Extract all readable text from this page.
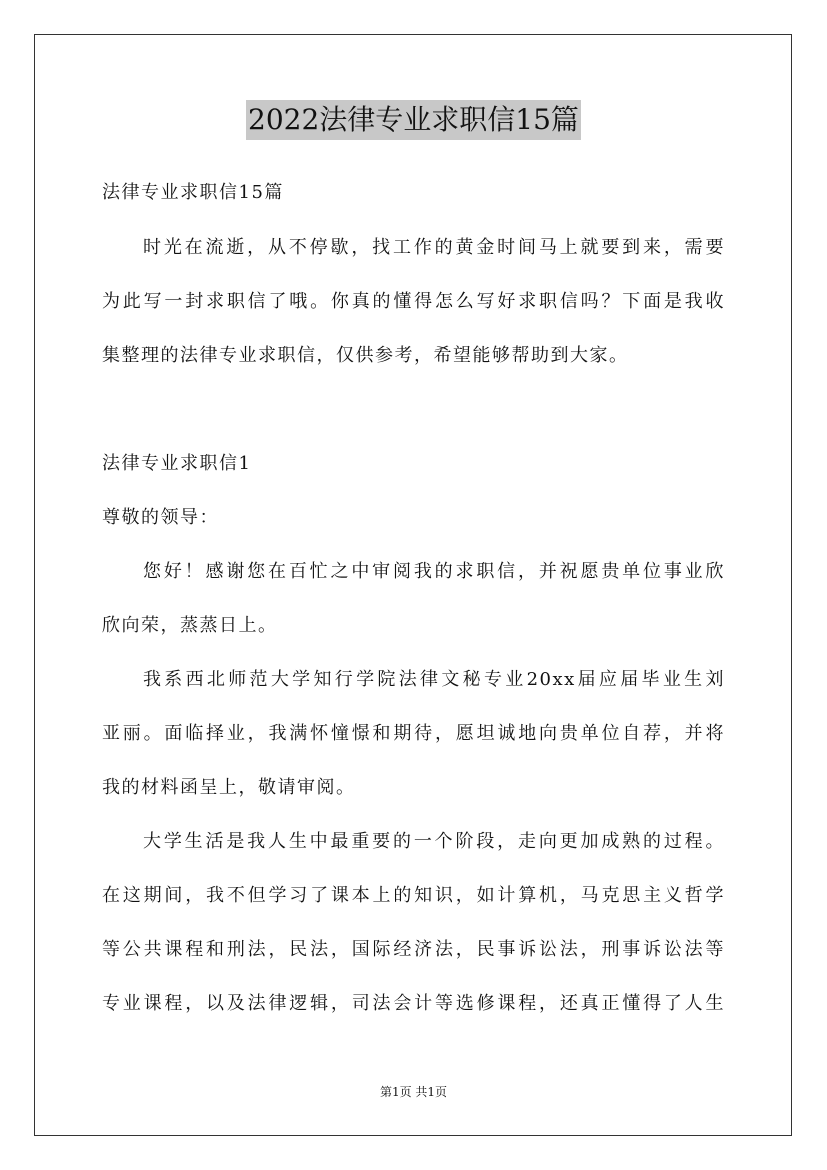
2022法律专业求职信15篇
法律专业求职信15篇
时光在流逝，从不停歇，找工作的黄金时间马上就要到来，需要
为此写一封求职信了哦。你真的懂得怎么写好求职信吗？下面是我收
集整理的法律专业求职信，仅供参考，希望能够帮助到大家。
法律专业求职信1
尊敬的领导：
您好！感谢您在百忙之中审阅我的求职信，并祝愿贵单位事业欣
欣向荣，蒸蒸日上。
我系西北师范大学知行学院法律文秘专业20xx届应届毕业生刘
亚丽。面临择业，我满怀憧憬和期待，愿坦诚地向贵单位自荐，并将
我的材料函呈上，敬请审阅。
大学生活是我人生中最重要的一个阶段，走向更加成熟的过程。
在这期间，我不但学习了课本上的知识，如计算机，马克思主义哲学
等公共课程和刑法，民法，国际经济法，民事诉讼法，刑事诉讼法等
专业课程，以及法律逻辑，司法会计等选修课程，还真正懂得了人生
第1页 共1页
